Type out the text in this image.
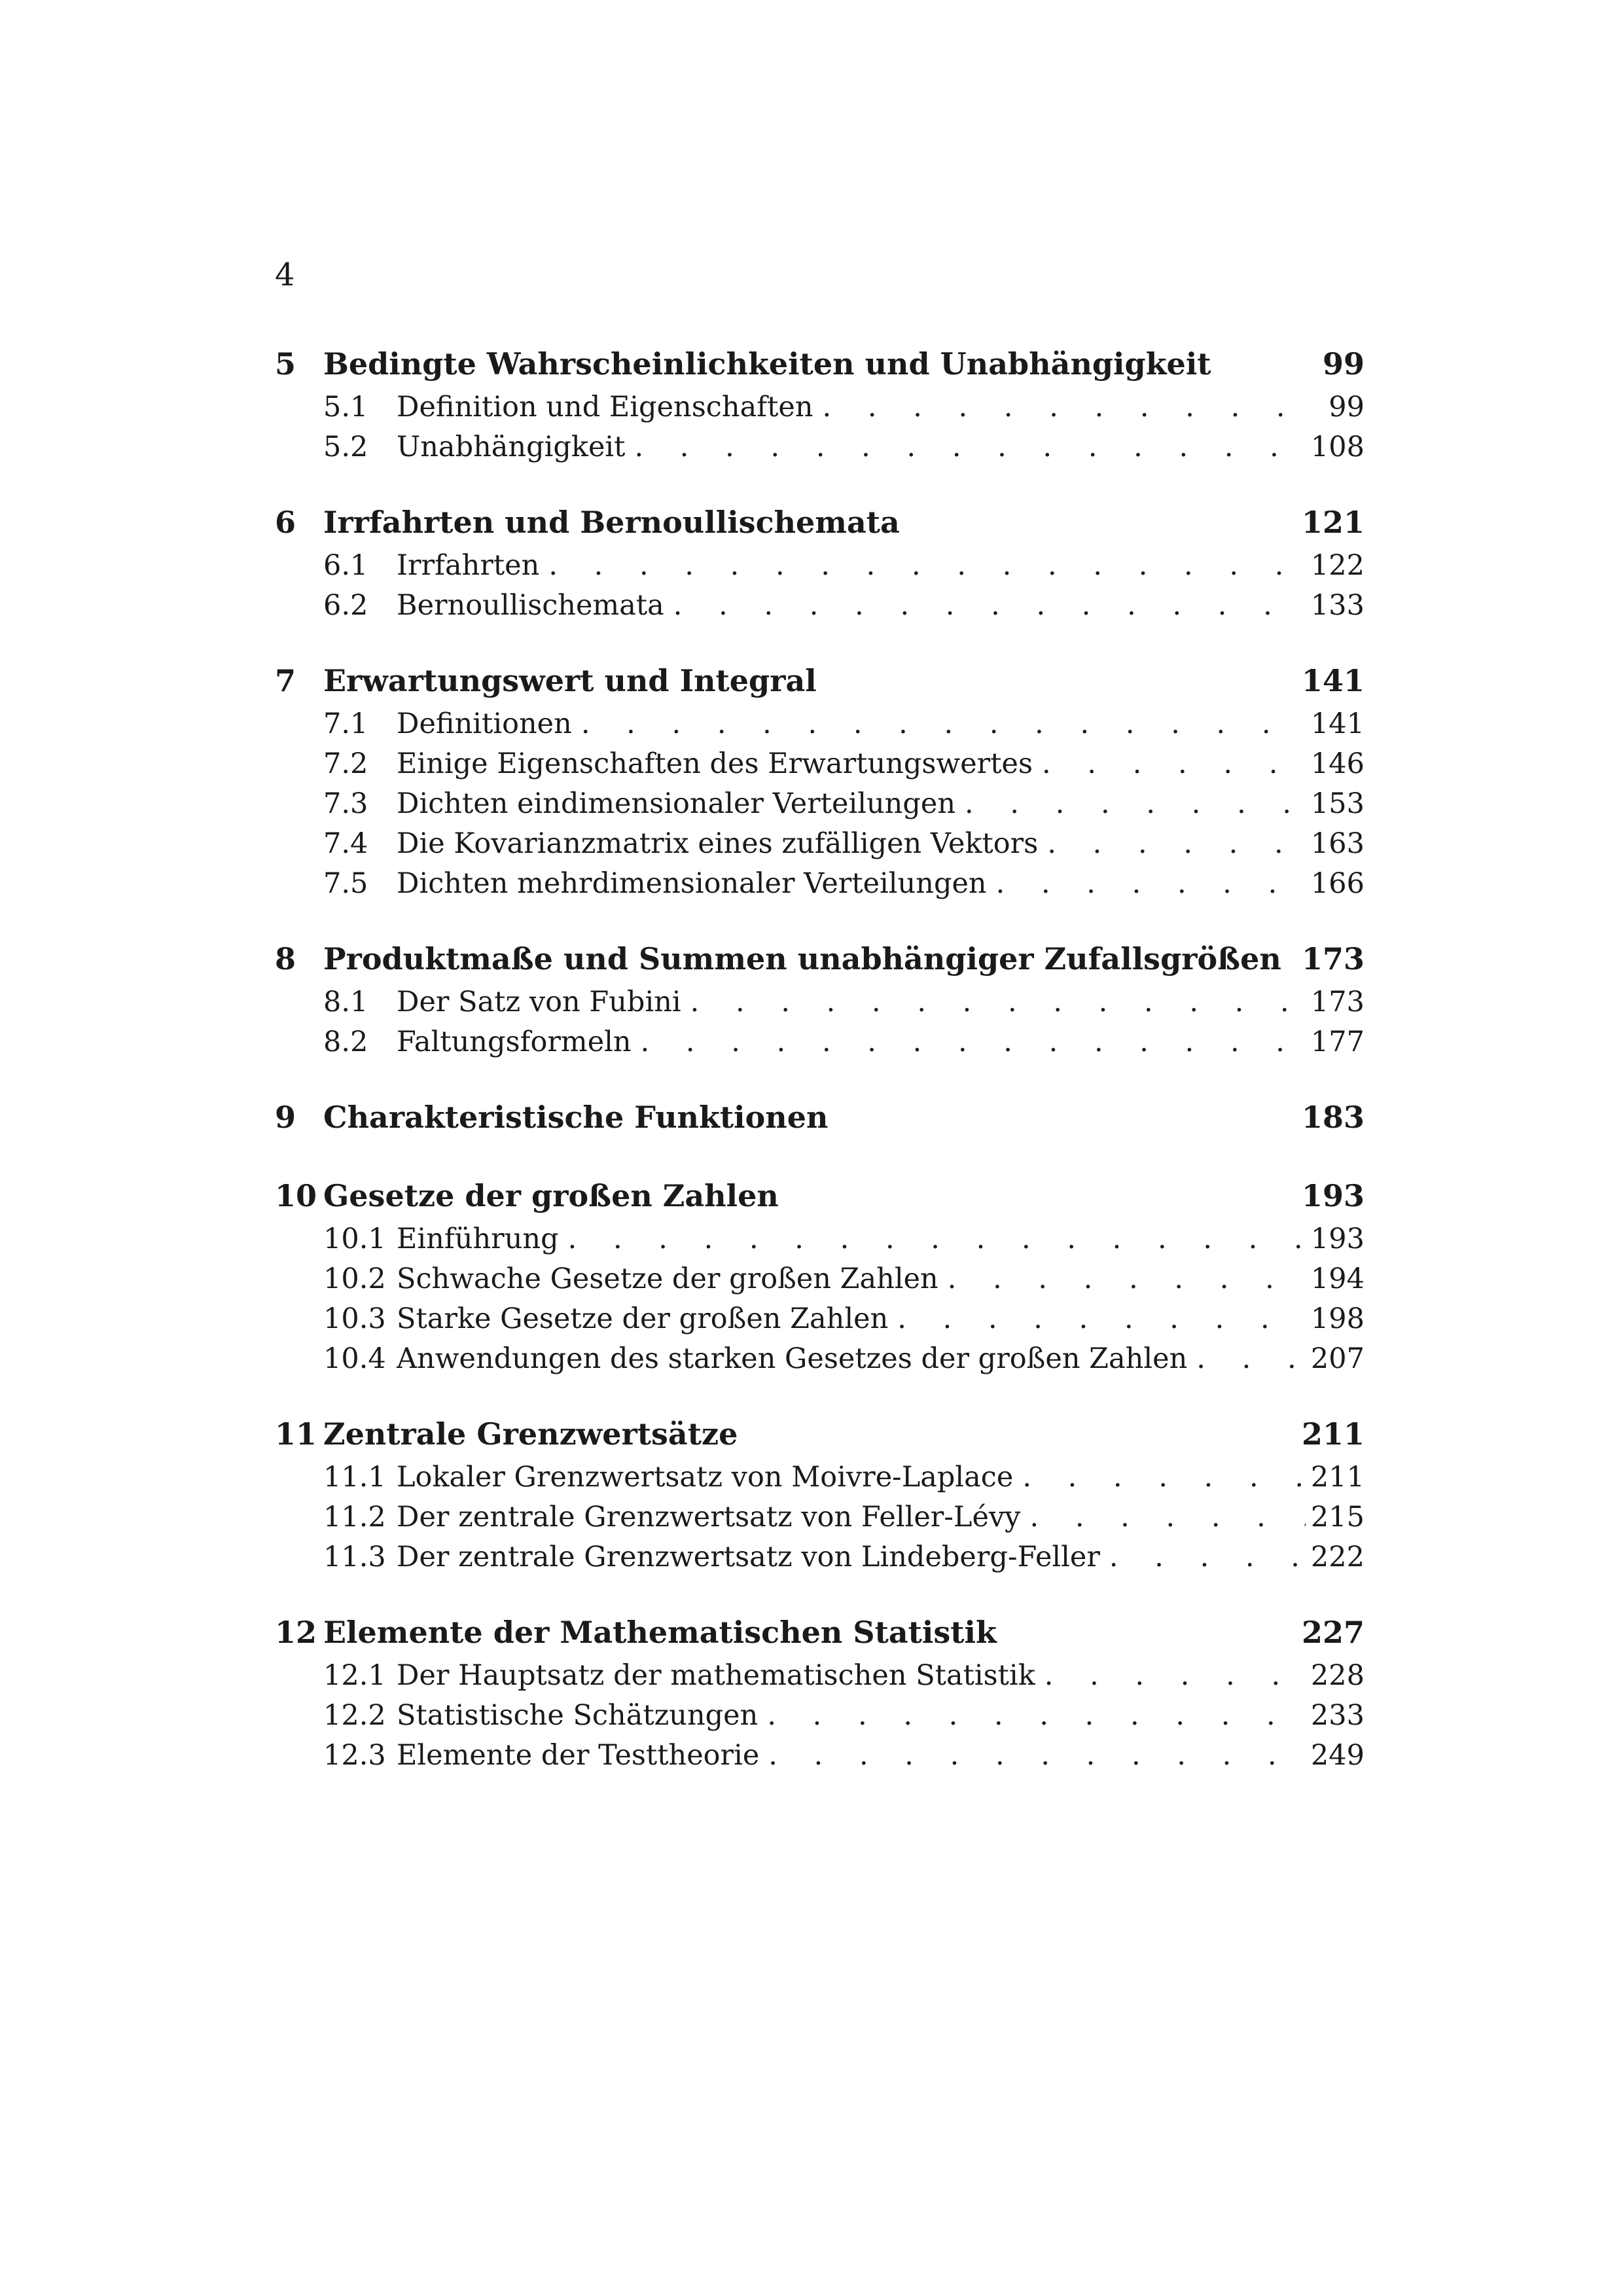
4
5 Bedingte Wahrscheinlichkeiten und Unabhängigkeit	99
5.1	Definition und Eigenschaften . . .	99
5.2	Unabhängigkeit . . .	108
6 Irrfahrten und Bernoullischemata	121
6.1	Irrfahrten . . .	122
6.2	Bernoullischemata . . .	133
7 Erwartungswert und Integral	141
7.1	Definitionen . . .	141
7.2	Einige Eigenschaften des Erwartungswertes . . .	146
7.3	Dichten eindimensionaler Verteilungen . . .	153
7.4	Die Kovarianzmatrix eines zufälligen Vektors . . .	163
7.5	Dichten mehrdimensionaler Verteilungen . . .	166
8 Produktmaße und Summen unabhängiger Zufallsgrößen 173
8.1	Der Satz von Fubini . . .	173
8.2	Faltungsformeln . . .	177
9 Charakteristische Funktionen	183
10 Gesetze der großen Zahlen	193
10.1 Einführung . . .	193
10.2 Schwache Gesetze der großen Zahlen . . .	194
10.3 Starke Gesetze der großen Zahlen . . .	198
10.4 Anwendungen des starken Gesetzes der großen Zahlen . . .	207
11 Zentrale Grenzwertsätze	211
11.1 Lokaler Grenzwertsatz von Moivre-Laplace . . .	211
11.2 Der zentrale Grenzwertsatz von Feller-Lévy . . .	215
11.3 Der zentrale Grenzwertsatz von Lindeberg-Feller . . .	222
12 Elemente der Mathematischen Statistik	227
12.1 Der Hauptsatz der mathematischen Statistik . . .	228
12.2 Statistische Schätzungen . . .	233
12.3 Elemente der Testtheorie . . .	249
